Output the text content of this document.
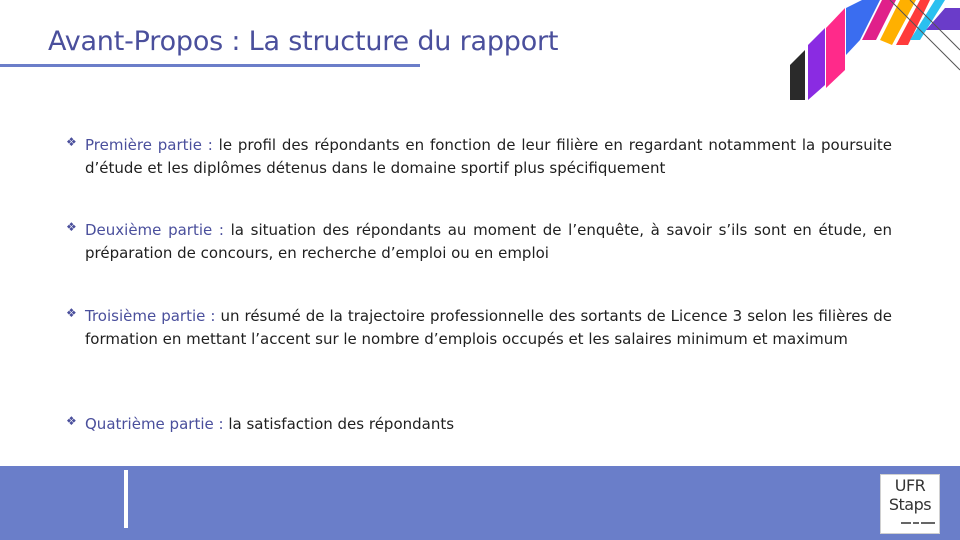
Avant-Propos : La structure du rapport
❖ Première partie : le profil des répondants en fonction de leur filière en regardant notamment la poursuite d’étude et les diplômes détenus dans le domaine sportif plus spécifiquement
❖ Deuxième partie : la situation des répondants au moment de l’enquête, à savoir s’ils sont en étude, en préparation de concours, en recherche d’emploi ou en emploi
❖ Troisième partie : un résumé de la trajectoire professionnelle des sortants de Licence 3 selon les filières de formation en mettant l’accent sur le nombre d’emplois occupés et les salaires minimum et maximum
❖ Quatrième partie : la satisfaction des répondants
UFR
Staps
